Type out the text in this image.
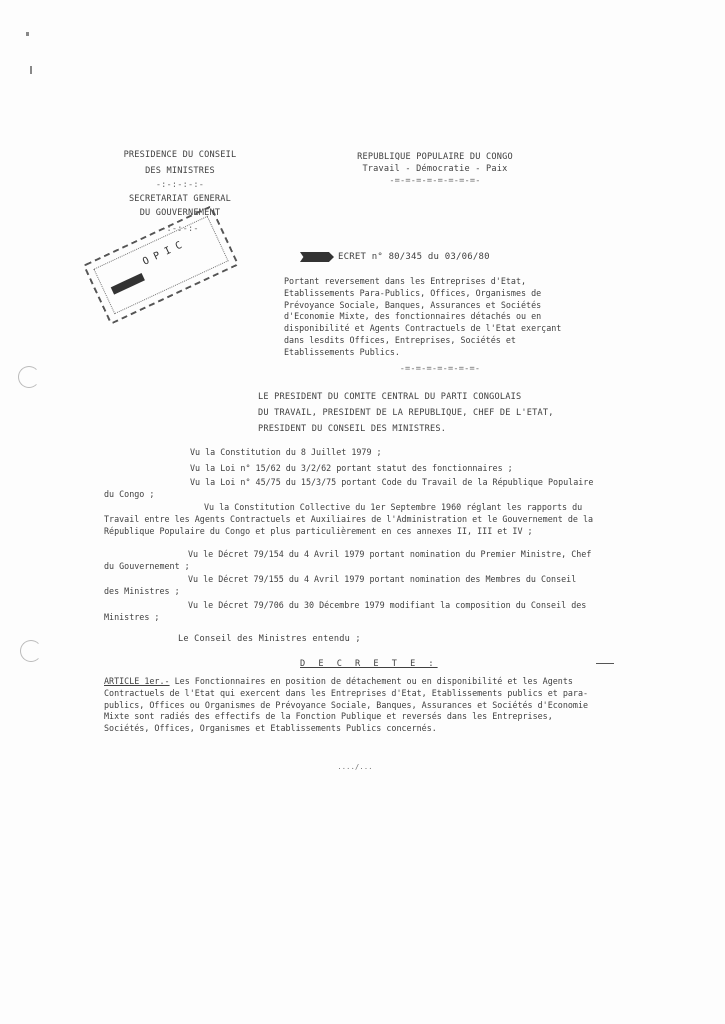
PRESIDENCE DU CONSEIL
DES MINISTRES
-:-:-:-:-
SECRETARIAT GENERAL
DU GOUVERNEMENT
-:-:-:-
REPUBLIQUE POPULAIRE DU CONGO
Travail - Démocratie - Paix
-=-=-=-=-=-=-=-=-
OPIC	ECRET n° 80/345 du 03/06/80
Portant reversement dans les Entreprises d'Etat, Etablissements Para-Publics, Offices, Organismes de Prévoyance Sociale, Banques, Assurances et Sociétés d'Economie Mixte, des fonctionnaires détachés ou en disponibilité et Agents Contractuels de l'Etat exerçant dans lesdits Offices, Entreprises, Sociétés et Etablissements Publics.
-=-=-=-=-=-=-=-
LE PRESIDENT DU COMITE CENTRAL DU PARTI CONGOLAIS
DU TRAVAIL, PRESIDENT DE LA REPUBLIQUE, CHEF DE L'ETAT,
PRESIDENT DU CONSEIL DES MINISTRES.
Vu la Constitution du 8 Juillet 1979 ;
Vu la Loi n° 15/62 du 3/2/62 portant statut des fonctionnaires ;
Vu la Loi n° 45/75 du 15/3/75 portant Code du Travail de la République Populaire du Congo ;
Vu la Constitution Collective du 1er Septembre 1960 réglant les rapports du Travail entre les Agents Contractuels et Auxiliaires de l'Administration et le Gouvernement de la République Populaire du Congo et plus particulièrement en ces annexes II, III et IV ;
Vu le Décret 79/154 du 4 Avril 1979 portant nomination du Premier Ministre, Chef du Gouvernement ;
Vu le Décret 79/155 du 4 Avril 1979 portant nomination des Membres du Conseil des Ministres ;
Vu le Décret 79/706 du 30 Décembre 1979 modifiant la composition du Conseil des Ministres ;
Le Conseil des Ministres entendu ;
D E C R E T E :
ARTICLE 1er.- Les Fonctionnaires en position de détachement ou en disponibilité et les Agents Contractuels de l'Etat qui exercent dans les Entreprises d'Etat, Etablissements publics et para-publics, Offices ou Organismes de Prévoyance Sociale, Banques, Assurances et Sociétés d'Economie Mixte sont radiés des effectifs de la Fonction Publique et reversés dans les Entreprises, Sociétés, Offices, Organismes et Etablissements Publics concernés.
..../...
